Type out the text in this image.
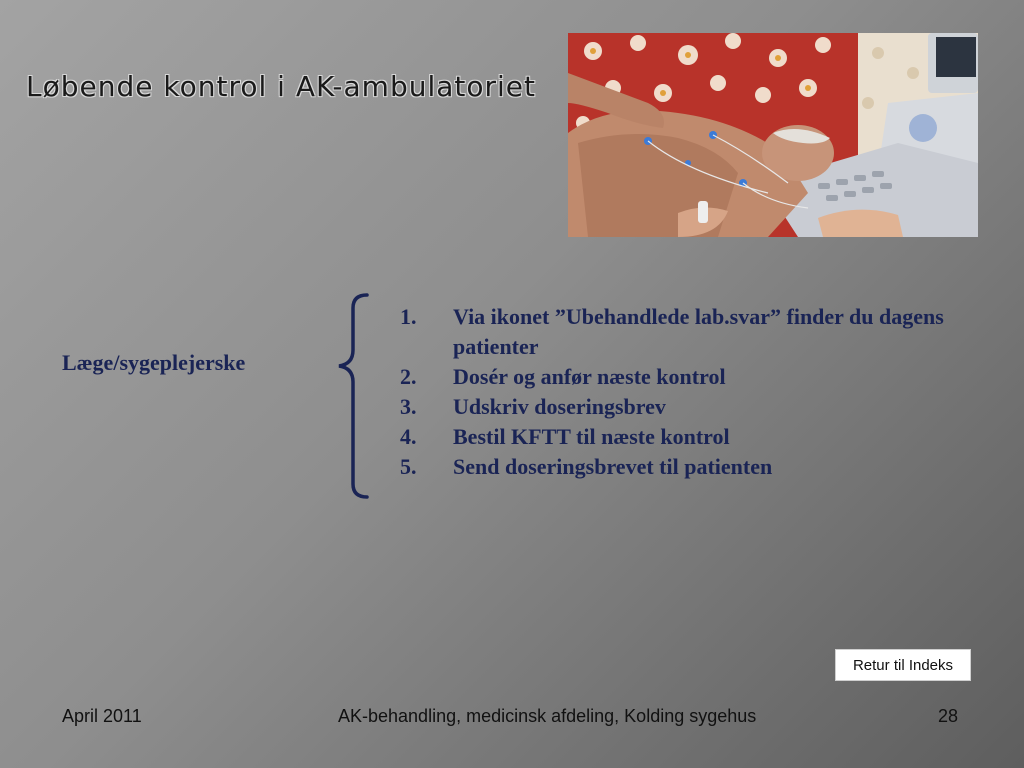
Løbende kontrol i AK-ambulatoriet
Læge/sygeplejerske
1.	Via ikonet ”Ubehandlede lab.svar” finder du dagens patienter
2.	Dosér og anfør næste kontrol
3.	Udskriv doseringsbrev
4.	Bestil KFTT til næste kontrol
5.	Send doseringsbrevet til patienten
Retur til Indeks
April 2011	AK-behandling, medicinsk afdeling, Kolding sygehus	28
